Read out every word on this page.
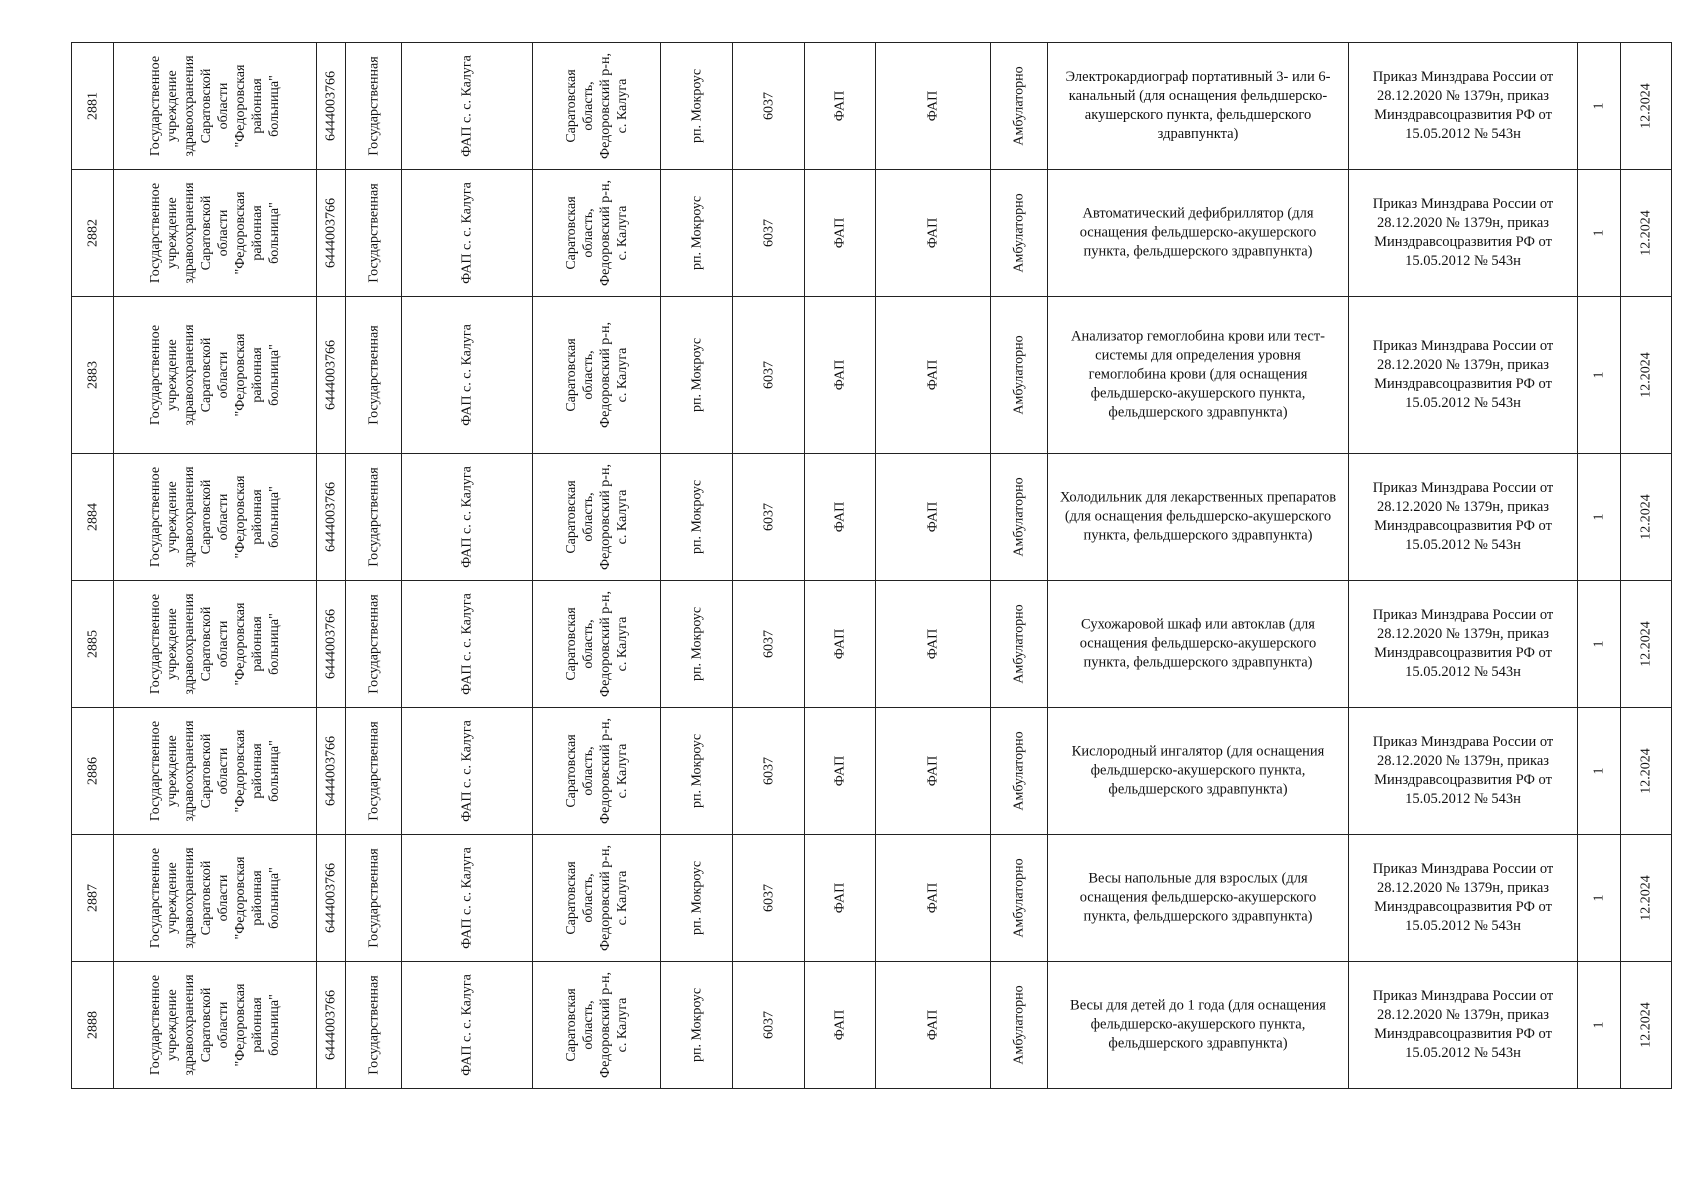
2881	Государственное учреждение здравоохранения Саратовской области "Федоровская районная больница"	6444003766	Государственная	ФАП с. с. Калуга	Саратовская область, Федоровский р-н, с. Калуга	рп. Мокроус	6037	ФАП	ФАП	Амбулаторно	Электрокардиограф портативный 3- или 6-канальный (для оснащения фельдшерско-акушерского пункта, фельдшерского здравпункта)	Приказ Минздрава России от 28.12.2020 № 1379н, приказ Минздравсоцразвития РФ от 15.05.2012 № 543н	1	12.2024

2882	Государственное учреждение здравоохранения Саратовской области "Федоровская районная больница"	6444003766	Государственная	ФАП с. с. Калуга	Саратовская область, Федоровский р-н, с. Калуга	рп. Мокроус	6037	ФАП	ФАП	Амбулаторно	Автоматический дефибриллятор (для оснащения фельдшерско-акушерского пункта, фельдшерского здравпункта)	Приказ Минздрава России от 28.12.2020 № 1379н, приказ Минздравсоцразвития РФ от 15.05.2012 № 543н	1	12.2024

2883	Государственное учреждение здравоохранения Саратовской области "Федоровская районная больница"	6444003766	Государственная	ФАП с. с. Калуга	Саратовская область, Федоровский р-н, с. Калуга	рп. Мокроус	6037	ФАП	ФАП	Амбулаторно	Анализатор гемоглобина крови или тест-системы для определения уровня гемоглобина крови (для оснащения фельдшерско-акушерского пункта, фельдшерского здравпункта)	Приказ Минздрава России от 28.12.2020 № 1379н, приказ Минздравсоцразвития РФ от 15.05.2012 № 543н	1	12.2024

2884	Государственное учреждение здравоохранения Саратовской области "Федоровская районная больница"	6444003766	Государственная	ФАП с. с. Калуга	Саратовская область, Федоровский р-н, с. Калуга	рп. Мокроус	6037	ФАП	ФАП	Амбулаторно	Холодильник для лекарственных препаратов (для оснащения фельдшерско-акушерского пункта, фельдшерского здравпункта)	Приказ Минздрава России от 28.12.2020 № 1379н, приказ Минздравсоцразвития РФ от 15.05.2012 № 543н	1	12.2024

2885	Государственное учреждение здравоохранения Саратовской области "Федоровская районная больница"	6444003766	Государственная	ФАП с. с. Калуга	Саратовская область, Федоровский р-н, с. Калуга	рп. Мокроус	6037	ФАП	ФАП	Амбулаторно	Сухожаровой шкаф или автоклав (для оснащения фельдшерско-акушерского пункта, фельдшерского здравпункта)	Приказ Минздрава России от 28.12.2020 № 1379н, приказ Минздравсоцразвития РФ от 15.05.2012 № 543н	1	12.2024

2886	Государственное учреждение здравоохранения Саратовской области "Федоровская районная больница"	6444003766	Государственная	ФАП с. с. Калуга	Саратовская область, Федоровский р-н, с. Калуга	рп. Мокроус	6037	ФАП	ФАП	Амбулаторно	Кислородный ингалятор (для оснащения фельдшерско-акушерского пункта, фельдшерского здравпункта)	Приказ Минздрава России от 28.12.2020 № 1379н, приказ Минздравсоцразвития РФ от 15.05.2012 № 543н	1	12.2024

2887	Государственное учреждение здравоохранения Саратовской области "Федоровская районная больница"	6444003766	Государственная	ФАП с. с. Калуга	Саратовская область, Федоровский р-н, с. Калуга	рп. Мокроус	6037	ФАП	ФАП	Амбулаторно	Весы напольные для взрослых (для оснащения фельдшерско-акушерского пункта, фельдшерского здравпункта)	Приказ Минздрава России от 28.12.2020 № 1379н, приказ Минздравсоцразвития РФ от 15.05.2012 № 543н	1	12.2024

2888	Государственное учреждение здравоохранения Саратовской области "Федоровская районная больница"	6444003766	Государственная	ФАП с. с. Калуга	Саратовская область, Федоровский р-н, с. Калуга	рп. Мокроус	6037	ФАП	ФАП	Амбулаторно	Весы для детей до 1 года (для оснащения фельдшерско-акушерского пункта, фельдшерского здравпункта)	Приказ Минздрава России от 28.12.2020 № 1379н, приказ Минздравсоцразвития РФ от 15.05.2012 № 543н	1	12.2024
